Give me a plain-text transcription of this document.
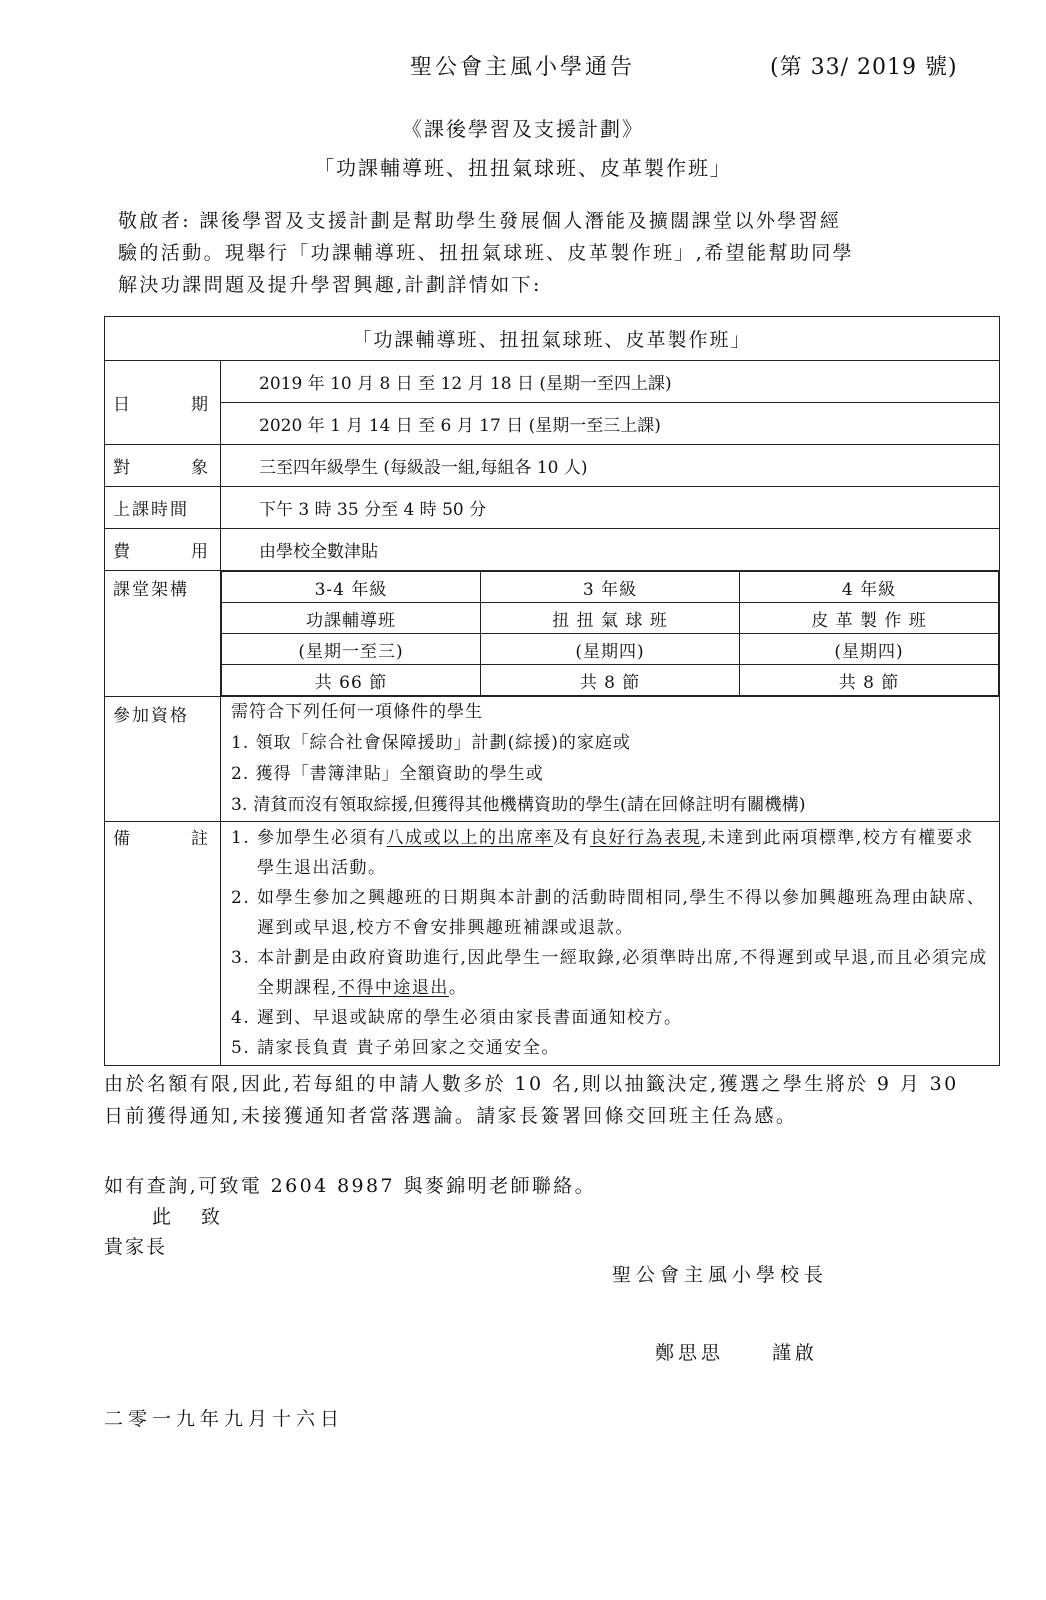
聖公會主風小學通告	(第 33/ 2019 號)
《課後學習及支援計劃》
「功課輔導班、扭扭氣球班、皮革製作班」

敬啟者: 課後學習及支援計劃是幫助學生發展個人潛能及擴闊課堂以外學習經

驗的活動。現舉行「功課輔導班、扭扭氣球班、皮革製作班」,希望能幫助同學

解決功課問題及提升學習興趣,計劃詳情如下:

「功課輔導班、扭扭氣球班、皮革製作班」

日	期
	2019 年 10 月 8 日 至 12 月 18 日 (星期一至四上課)
2020 年 1 月 14 日 至 6 月 17 日 (星期一至三上課)

對	象	三至四年級學生 (每級設一組,每組各 10 人)
上課時間	下午 3 時 35 分至 4 時 50 分

費	用	由學校全數津貼
課堂架構		3-4 年級	3 年級	4 年級
功課輔導班	扭 扭 氣 球 班	皮 革 製 作 班
(星期一至三)	(星期四)	(星期四)
共 66 節	共 8 節	共 8 節

參加資格	需符合下列任何一項條件的學生
1. 領取「綜合社會保障援助」計劃(綜援)的家庭或
2. 獲得「書簿津貼」全額資助的學生或
3. 清貧而沒有領取綜援,但獲得其他機構資助的學生(請在回條註明有關機構)

備	註	1. 參加學生必須有八成或以上的出席率及有良好行為表現,未達到此兩項標準,校方有權要求學生退出活動。
2. 如學生參加之興趣班的日期與本計劃的活動時間相同,學生不得以參加興趣班為理由缺席、遲到或早退,校方不會安排興趣班補課或退款。
3. 本計劃是由政府資助進行,因此學生一經取錄,必須準時出席,不得遲到或早退,而且必須完成全期課程,不得中途退出。
4. 遲到、早退或缺席的學生必須由家長書面通知校方。
5. 請家長負責 貴子弟回家之交通安全。
由於名額有限,因此,若每組的申請人數多於 10 名,則以抽籤決定,獲選之學生將於 9 月 30 日前獲得通知,未接獲通知者當落選論。請家長簽署回條交回班主任為感。
如有查詢,可致電 2604 8987 與麥錦明老師聯絡。
此 致
貴家長
聖公會主風小學校長
鄭思思	謹啟
二零一九年九月十六日
